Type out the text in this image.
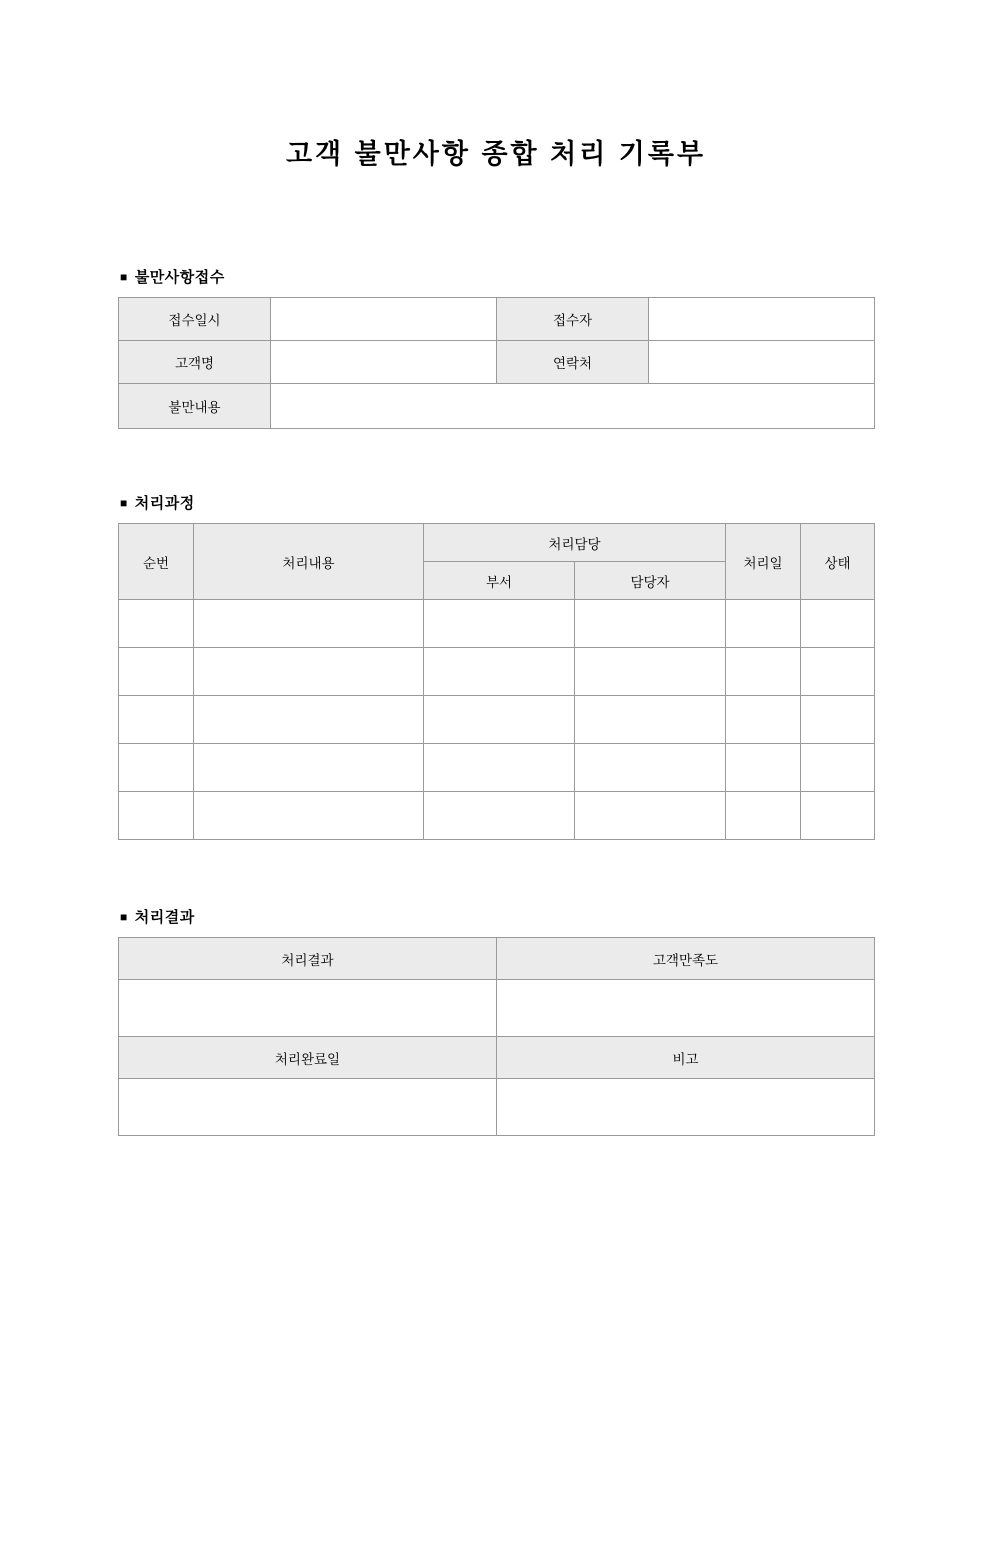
고객 불만사항 종합 처리 기록부
■ 불만사항접수
접수일시		접수자	
고객명		연락처	
불만내용			
■ 처리과정
순번	처리내용	처리담당		처리일	상태
		부서	담당자		

■ 처리결과
처리결과	고객만족도

처리완료일	비고
